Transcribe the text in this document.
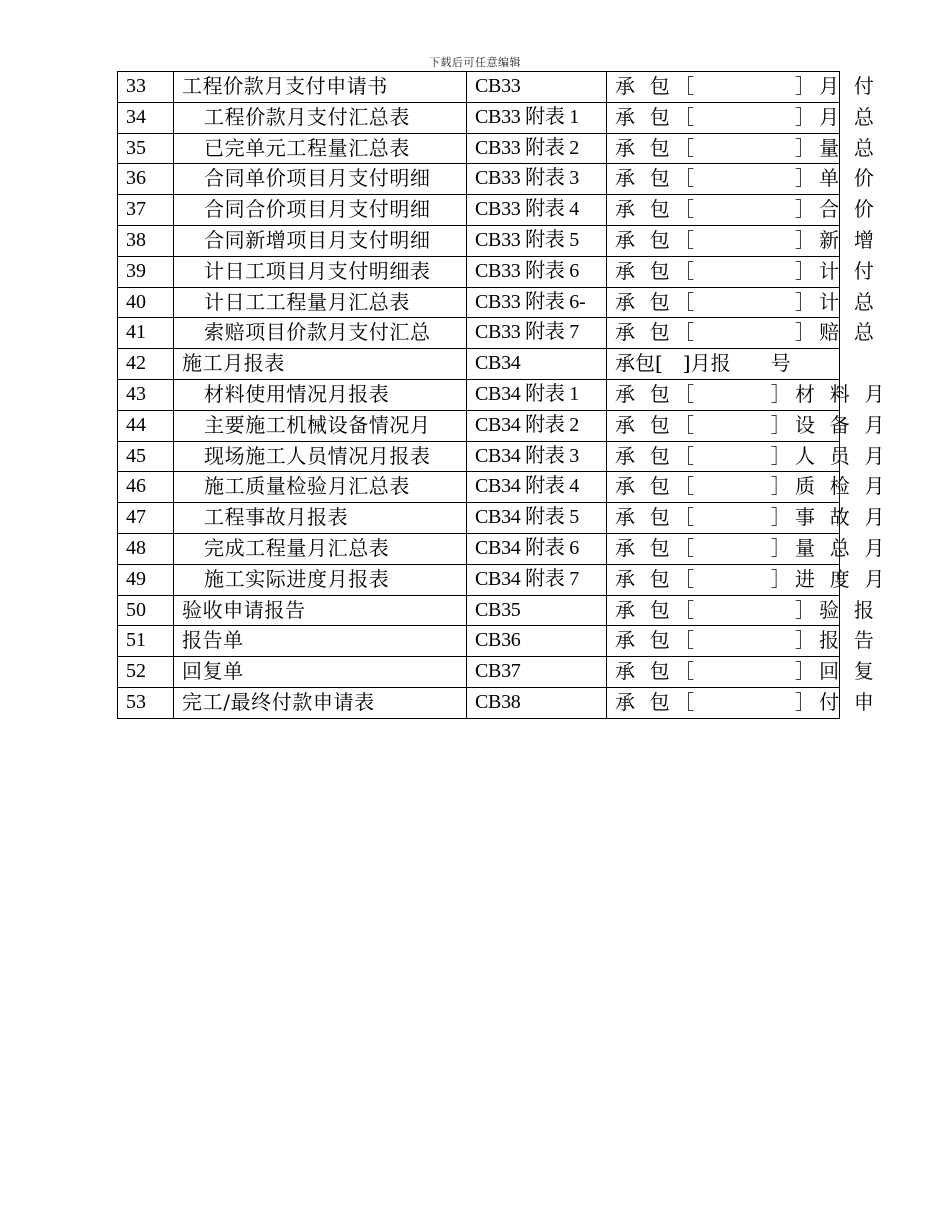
下载后可任意编辑
33	工程价款月支付申请书	CB33	承 包［　　　　］月 付
34	工程价款月支付汇总表	CB33 附表 1	承 包［　　　　］月 总
35	已完单元工程量汇总表	CB33 附表 2	承 包［　　　　］量 总
36	合同单价项目月支付明细	CB33 附表 3	承 包［　　　　］单 价
37	合同合价项目月支付明细	CB33 附表 4	承 包［　　　　］合 价
38	合同新增项目月支付明细	CB33 附表 5	承 包［　　　　］新 增
39	计日工项目月支付明细表	CB33 附表 6	承 包［　　　　］计 付
40	计日工工程量月汇总表	CB33 附表 6-	承 包［　　　　］计 总
41	索赔项目价款月支付汇总	CB33 附表 7	承 包［　　　　］赔 总
42	施工月报表	CB34	承包[　]月报　　号
43	材料使用情况月报表	CB34 附表 1	承 包［　　　］材 料 月
44	主要施工机械设备情况月	CB34 附表 2	承 包［　　　］设 备 月
45	现场施工人员情况月报表	CB34 附表 3	承 包［　　　］人 员 月
46	施工质量检验月汇总表	CB34 附表 4	承 包［　　　］质 检 月
47	工程事故月报表	CB34 附表 5	承 包［　　　］事 故 月
48	完成工程量月汇总表	CB34 附表 6	承 包［　　　］量 总 月
49	施工实际进度月报表	CB34 附表 7	承 包［　　　］进 度 月
50	验收申请报告	CB35	承 包［　　　　］验 报
51	报告单	CB36	承 包［　　　　］报 告
52	回复单	CB37	承 包［　　　　］回 复
53	完工/最终付款申请表	CB38	承 包［　　　　］付 申
